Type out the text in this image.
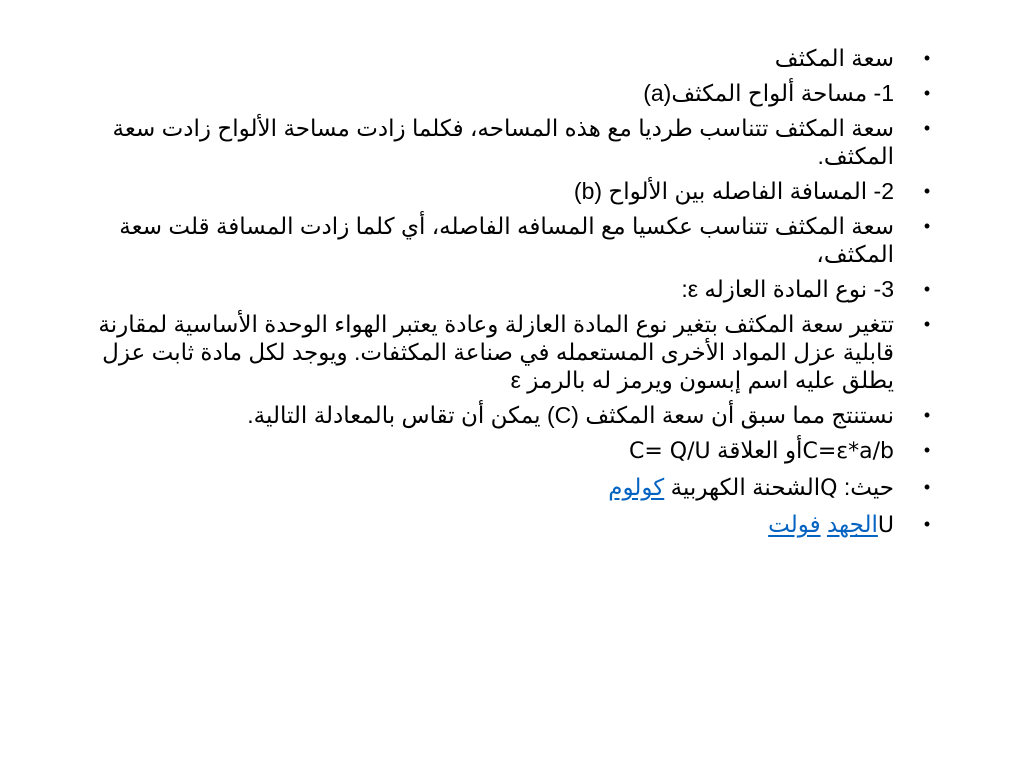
•
سعة المكثف
•
1- مساحة ألواح المكثف(a)
•
سعة المكثف تتناسب طرديا مع هذه المساحه، فكلما زادت مساحة الألواح زادت سعة المكثف.
•
2- المسافة الفاصله بين الألواح (b)
•
سعة المكثف تتناسب عكسيا مع المسافه الفاصله، أي كلما زادت المسافة قلت سعة المكثف،
•
3- نوع المادة العازله ε:
•
تتغير سعة المكثف بتغير نوع المادة العازلة وعادة يعتبر الهواء الوحدة الأساسية لمقارنة قابلية عزل المواد الأخرى المستعمله في صناعة المكثفات. ويوجد لكل مادة ثابت عزل يطلق عليه اسم إبسون ويرمز له بالرمز ε
•
نستنتج مما سبق أن سعة المكثف (C) يمكن أن تقاس بالمعادلة التالية.
•
C=ε*a/bأو العلاقة C= Q/U
•
حيث: Qالشحنة الكهربية كولوم
•
Uالجهد فولت
